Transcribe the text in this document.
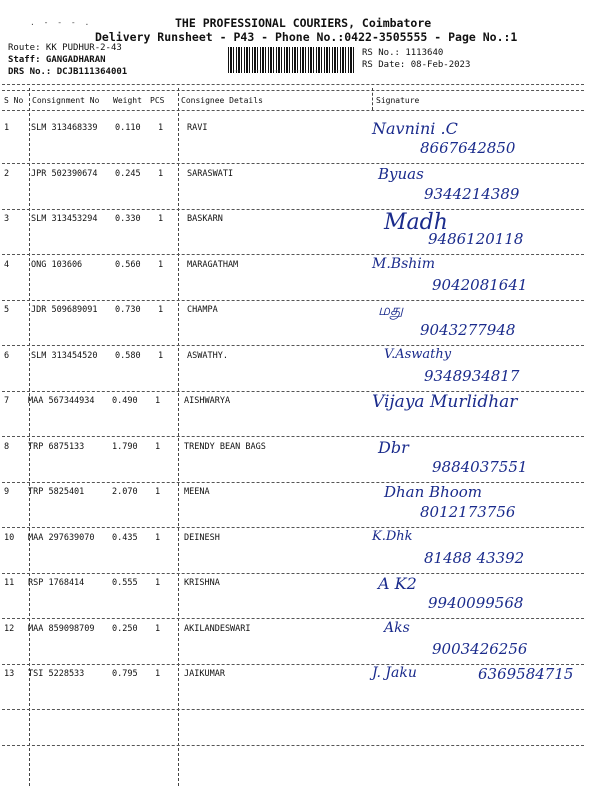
. - - - .	THE PROFESSIONAL COURIERS, Coimbatore
Delivery Runsheet - P43 - Phone No.:0422-3505555 - Page No.:1
Route: KK PUDHUR-2-43
Staff: GANGADHARAN
DRS No.: DCJB111364001
RS No.: 1113640
RS Date: 08-Feb-2023
S No Consignment No Weight PCS Consignee Details	Signature
1	SLM 313468339 0.110 1	RAVI	Navnini .C
8667642850
2	JPR 502390674 0.245 1	SARASWATI	Byuas
9344214389
3	SLM 313453294 0.330 1	BASKARN	Madh
9486120118
4	ONG 103606	0.560 1	MARAGATHAM	M.Bshim
9042081641
5	JDR 509689091 0.730 1	CHAMPA	மது
9043277948
6	SLM 313454520 0.580 1	ASWATHY.	V.Aswathy
9348934817
7 MAA 567344934 0.490 1	AISHWARYA	Vijaya Murlidhar
8 TRP 6875133	1.790 1	TRENDY BEAN BAGS	Dbr
9884037551
9 TRP 5825401	2.070 1	MEENA	Dhan Bhoom
8012173756
10 MAA 297639070 0.435 1	DEINESH	K.Dhk
81488 43392
11 RSP 1768414	0.555 1	KRISHNA	A K2
9940099568
12 MAA 859098709 0.250 1	AKILANDESWARI	Aks
9003426256
13 TSI 5228533	0.795 1	JAIKUMAR	J. Jaku	6369584715
